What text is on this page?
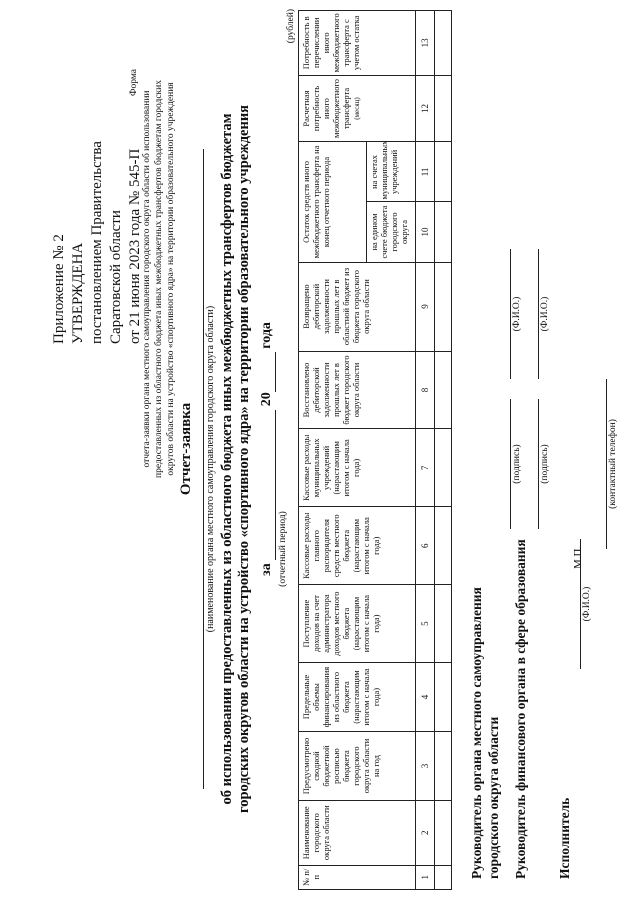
Приложение № 2 УТВЕРЖДЕНА постановлением Правительства Саратовской области от 21 июня 2023 года № 545-П
Форма
отчета-заявки органа местного самоуправления городского округа области об использовании предоставленных из областного бюджета иных межбюджетных трансфертов бюджетам городских округов области на устройство «спортивного ядра» на территории образовательного учреждения Отчет-заявка (наименование органа местного самоуправления городского округа области) об использовании предоставленных из областного бюджета иных межбюджетных трансфертов бюджетам городских округов области на устройство «спортивного ядра» на территории образовательного учреждения за   20  года
(отчетный период)
(рублей)
№ п/п	Наименование городского округа области	Предусмотрено сводной бюджетной росписью бюджета городского округа области на год	Предельные объемы финансирования из областного бюджета (нарастающим итогом с начала года)	Поступление доходов на счет администратора доходов местного бюджета (нарастающим итогом с начала года)	Кассовые расходы главного распорядителя средств местного бюджета (нарастающим итогом с начала года)	Кассовые расходы муниципальных учреждений (нарастающим итогом с начала года)	Восстановлено дебиторской задолженности прошлых лет в бюджет городского округа области	Возвращено дебиторской задолженности прошлых лет в областной бюджет из бюджета городского округа области	Остаток средств иного межбюджетного трансферта на конец отчетного периода		Расчетная потребность иного межбюджетного трансферта (месяц)	Потребность в перечислении иного межбюджетного трансферта с учетом остатка
									на едином счете бюджета городского округа	на счетах муниципальных учреждений		
1	2	3	4	5	6	7	8	9	10	11	12	13

Руководитель органа местного самоуправления городского округа области
(подпись)
(Ф.И.О.)
Руководитель финансового органа в сфере образования
(подпись)
(Ф.И.О.)
Исполнитель
(Ф.И.О.)
(контактный телефон)
М.П.
